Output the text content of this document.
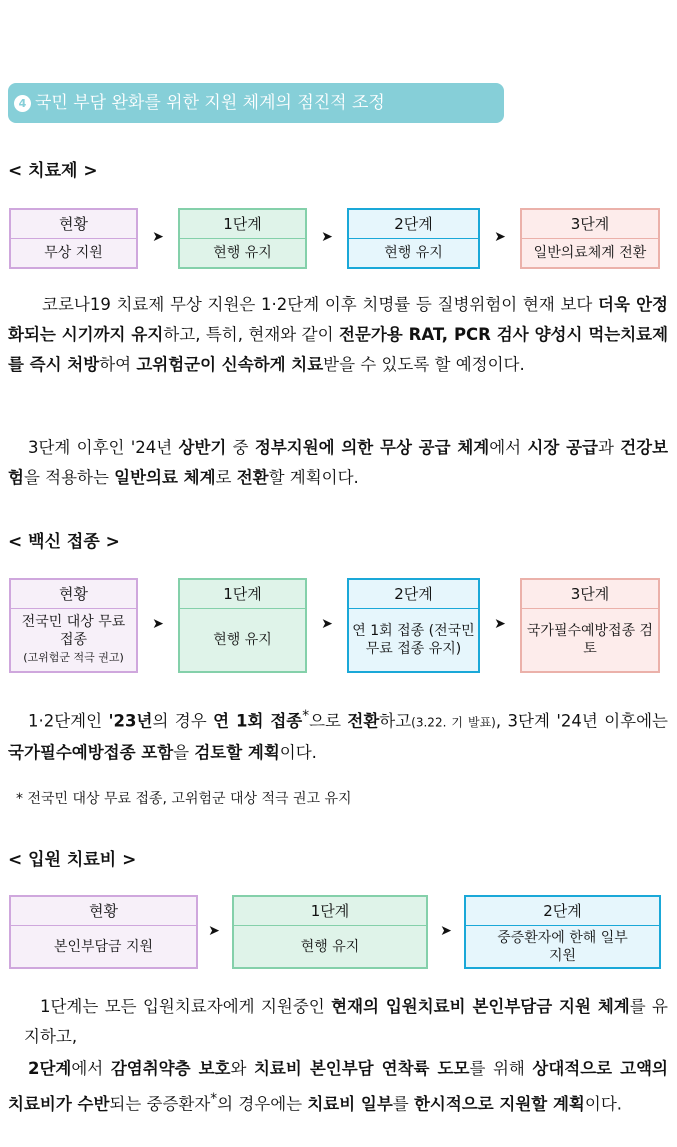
4 국민 부담 완화를 위한 지원 체계의 점진적 조정
< 치료제 >
현황
무상 지원
➤
1단계
현행 유지
➤
2단계
현행 유지
➤
3단계
일반의료체계 전환
코로나19 치료제 무상 지원은 1·2단계 이후 치명률 등 질병위험이 현재 보다 더욱 안정화되는 시기까지 유지하고, 특히, 현재와 같이 전문가용 RAT, PCR 검사 양성시 먹는치료제를 즉시 처방하여 고위험군이 신속하게 치료받을 수 있도록 할 예정이다.
3단계 이후인 '24년 상반기 중 정부지원에 의한 무상 공급 체계에서 시장 공급과 건강보험을 적용하는 일반의료 체계로 전환할 계획이다.
< 백신 접종 >
현황
전국민 대상 무료 접종
(고위험군 적극 권고)
➤
1단계
현행 유지
➤
2단계
연 1회 접종 (전국민 무료 접종 유지)
➤
3단계
국가필수예방접종 검토
1·2단계인 '23년의 경우 연 1회 접종*으로 전환하고(3.22. 기 발표), 3단계 '24년 이후에는 국가필수예방접종 포함을 검토할 계획이다.
* 전국민 대상 무료 접종, 고위험군 대상 적극 권고 유지
< 입원 치료비 >
현황
본인부담금 지원
➤
1단계
현행 유지
➤
2단계
중증환자에 한해 일부 지원
1단계는 모든 입원치료자에게 지원중인 현재의 입원치료비 본인부담금 지원 체계를 유지하고,
2단계에서 감염취약층 보호와 치료비 본인부담 연착륙 도모를 위해 상대적으로 고액의 치료비가 수반되는 중증환자*의 경우에는 치료비 일부를 한시적으로 지원할 계획이다.
